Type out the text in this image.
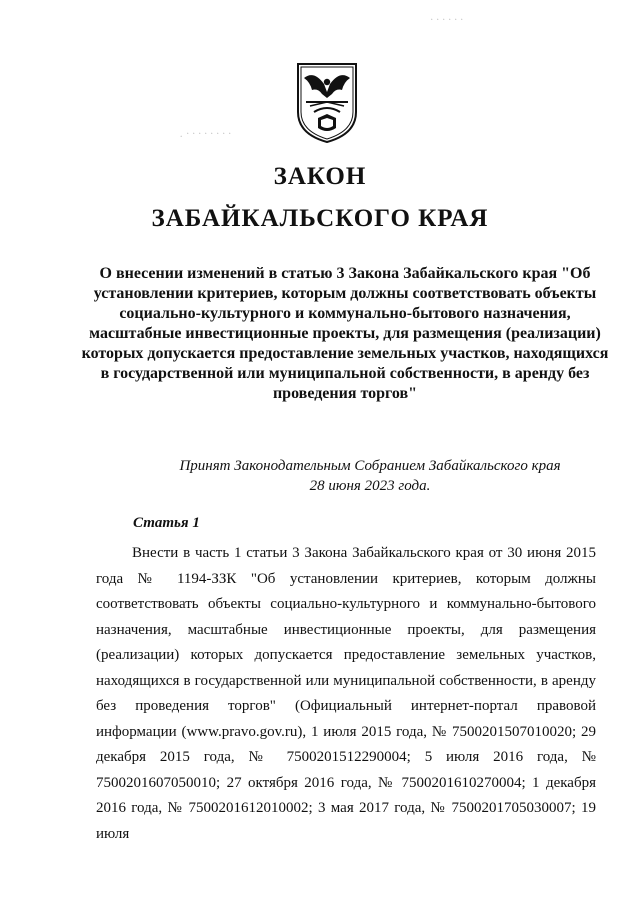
. · · · · · · · ·
· · · · · ·
ЗАКОН
ЗАБАЙКАЛЬСКОГО КРАЯ
О внесении изменений в статью 3 Закона Забайкальского края "Об установлении критериев, которым должны соответствовать объекты социально-культурного и коммунально-бытового назначения, масштабные инвестиционные проекты, для размещения (реализации) которых допускается предоставление земельных участков, находящихся в государственной или муниципальной собственности, в аренду без проведения торгов"
Принят Законодательным Собранием Забайкальского края
28 июня 2023 года.
Статья 1
Внести в часть 1 статьи 3 Закона Забайкальского края от 30 июня 2015 года № 1194-ЗЗК "Об установлении критериев, которым должны соответствовать объекты социально-культурного и коммунально-бытового назначения, масштабные инвестиционные проекты, для размещения (реализации) которых допускается предоставление земельных участков, находящихся в государственной или муниципальной собственности, в аренду без проведения торгов" (Официальный интернет-портал правовой информации (www.pravo.gov.ru), 1 июля 2015 года, № 7500201507010020; 29 декабря 2015 года, № 7500201512290004; 5 июля 2016 года, № 7500201607050010; 27 октября 2016 года, № 7500201610270004; 1 декабря 2016 года, № 7500201612010002; 3 мая 2017 года, № 7500201705030007; 19 июля
